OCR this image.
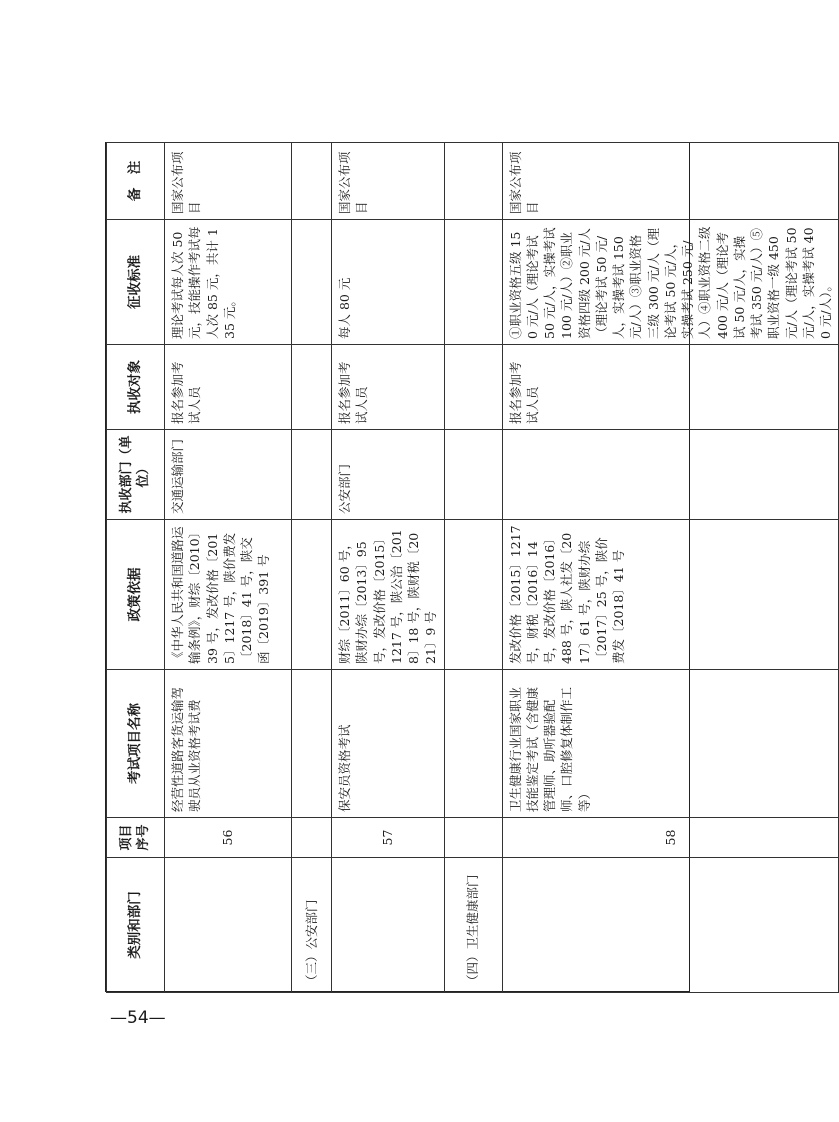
类别和部门	项目序号	考试项目名称	政策依据	执收部门（单位）	执收对象	征收标准	备　注
	56	经营性道路客货运输驾驶员从业资格考试费	《中华人民共和国道路运输条例》，财综〔2010〕39 号，发改价格〔2015〕1217 号，陕价费发〔2018〕41 号，陕交函〔2019〕391 号	交通运输部门	报名参加考试人员	理论考试每人次 50 元，技能操作考试每人次 85 元，共计 135 元。	国家公布项目
（三）公安部门							
	57	保安员资格考试	财综〔2011〕60 号，陕财办综〔2013〕95 号，发改价格〔2015〕1217 号，陕公治〔2018〕18 号，陕财税〔2021〕9 号	公安部门	报名参加考试人员	每人 80 元	国家公布项目
（四）卫生健康部门							
	58	卫生健康行业国家职业技能鉴定考试（含健康管理师、助听器验配师、口腔修复体制作工等）	发改价格〔2015〕1217 号，财税〔2016〕14 号，发改价格〔2016〕488 号，陕人社发〔2017〕61 号，陕财办综〔2017〕25 号，陕价费发〔2018〕41 号		报名参加考试人员	①职业资格五级 150 元/人（理论考试 50 元/人，实操考试 100 元/人）②职业资格四级 200 元/人（理论考试 50 元/人，实操考试 150 元/人）③职业资格三级 300 元/人（理论考试 50 元/人，实操考试 250 元/人）④职业资格二级 400 元/人（理论考试 50 元/人，实操考试 350 元/人）⑤职业资格一级 450 元/人（理论考试 50 元/人，实操考试 400 元/人）。	国家公布项目
—54—
